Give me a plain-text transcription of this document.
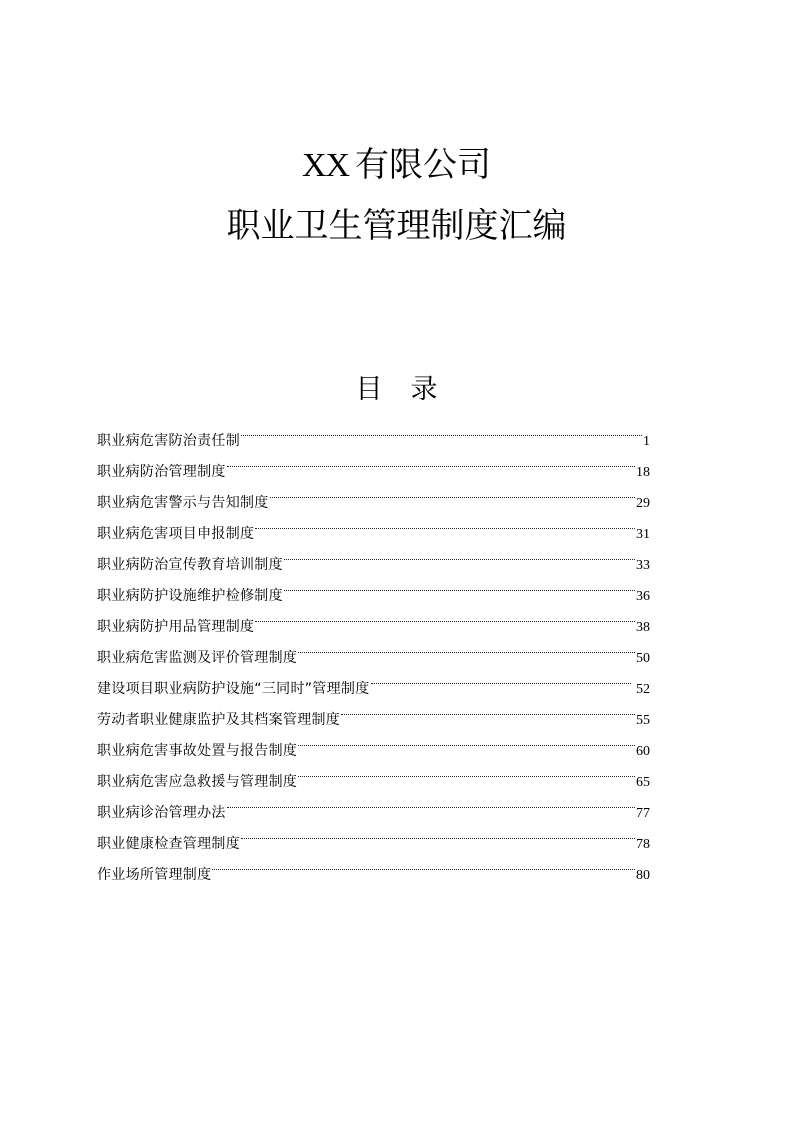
XX 有限公司
职业卫生管理制度汇编
目 录
职业病危害防治责任制	1
职业病防治管理制度	18
职业病危害警示与告知制度	29
职业病危害项目申报制度	31
职业病防治宣传教育培训制度	33
职业病防护设施维护检修制度	36
职业病防护用品管理制度	38
职业病危害监测及评价管理制度	50
建设项目职业病防护设施“三同时”管理制度	52
劳动者职业健康监护及其档案管理制度	55
职业病危害事故处置与报告制度	60
职业病危害应急救援与管理制度	65
职业病诊治管理办法	77
职业健康检查管理制度	78
作业场所管理制度	80
